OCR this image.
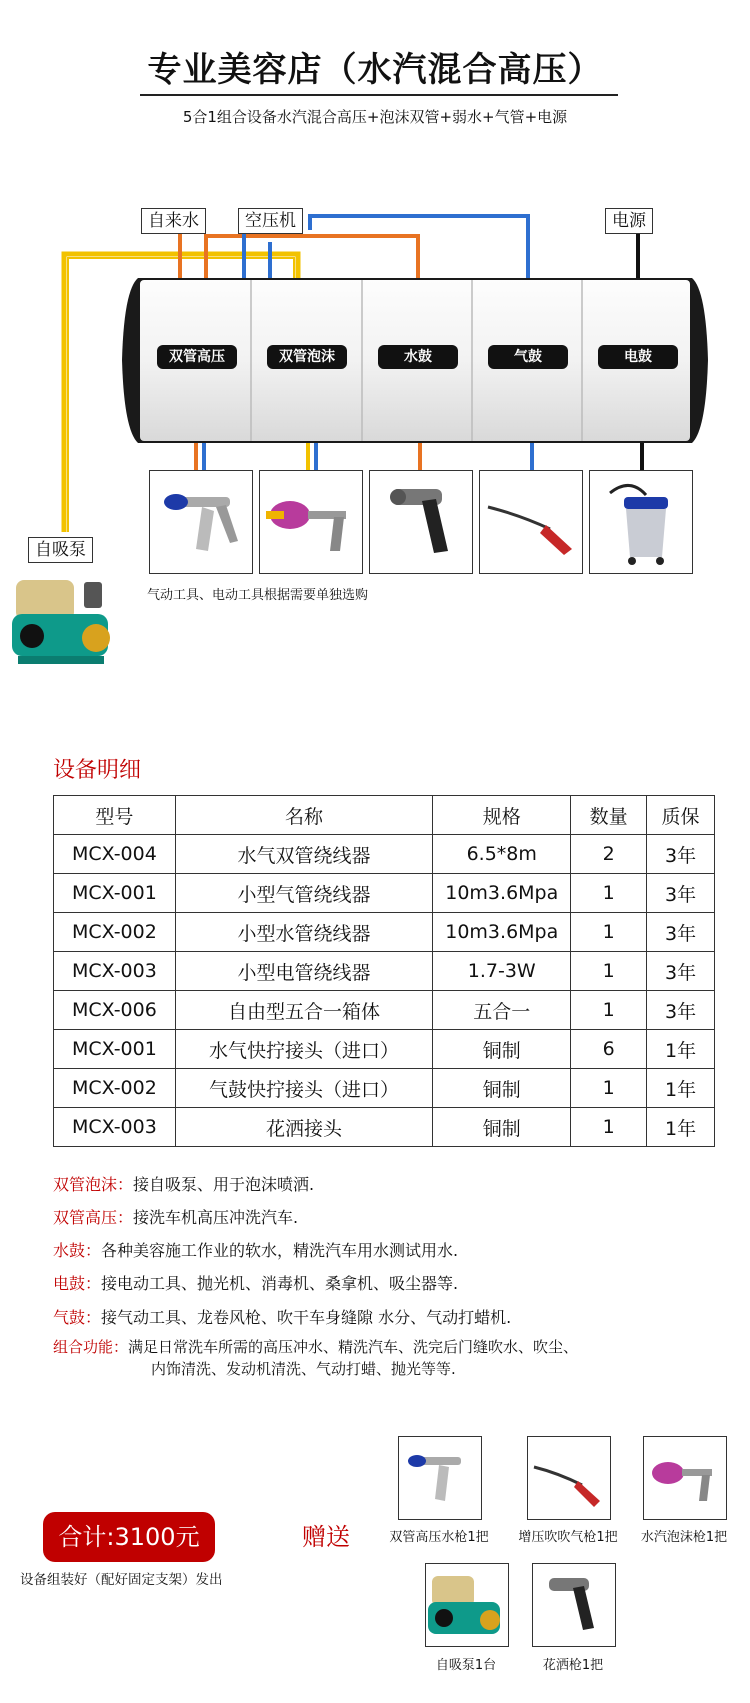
专业美容店（水汽混合高压）
5合1组合设备水汽混合高压+泡沫双管+弱水+气管+电源
自来水	空压机	电源
自吸泵
双管高压	双管泡沫	水鼓	气鼓	电鼓
气动工具、电动工具根据需要单独选购
设备明细
型号	名称	规格	数量	质保
MCX-004	水气双管绕线器	6.5*8m	2	3年
MCX-001	小型气管绕线器	10m3.6Mpa	1	3年
MCX-002	小型水管绕线器	10m3.6Mpa	1	3年
MCX-003	小型电管绕线器	1.7-3W	1	3年
MCX-006	自由型五合一箱体	五合一	1	3年
MCX-001	水气快拧接头（进口）	铜制	6	1年
MCX-002	气鼓快拧接头（进口）	铜制	1	1年
MCX-003	花洒接头	铜制	1	1年
双管泡沫：接自吸泵、用于泡沫喷洒.
双管高压：接洗车机高压冲洗汽车.
水鼓：各种美容施工作业的软水，精洗汽车用水测试用水.
电鼓：接电动工具、抛光机、消毒机、桑拿机、吸尘器等.
气鼓：接气动工具、龙卷风枪、吹干车身缝隙 水分、气动打蜡机.
组合功能：满足日常洗车所需的高压冲水、精洗汽车、洗完后门缝吹水、吹尘、
内饰清洗、发动机清洗、气动打蜡、抛光等等.
合计:3100元
设备组装好（配好固定支架）发出
赠送	双管高压水枪1把	增压吹吹气枪1把	水汽泡沫枪1把
自吸泵1台	花洒枪1把
